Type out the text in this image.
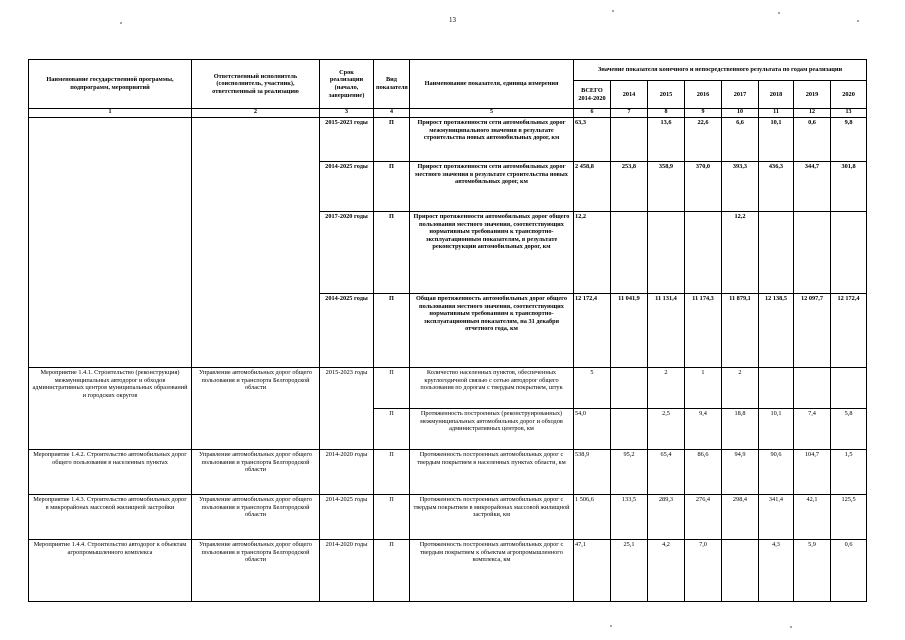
13
Наименование государственной программы, подпрограмм, мероприятий	Ответственный исполнитель (соисполнитель, участник), ответственный за реализацию	Срок реализации (начало, завершение)	Вид показателя	Наименование показателя, единица измерения	Значение показателя конечного и непосредственного результата по годам реализации							
					ВСЕГО 2014-2020	2014	2015	2016	2017	2018	2019	2020
1	2	3	4	5	6	7	8	9	10	11	12	13
		2015-2023 годы	П	Прирост протяженности сети автомобильных дорог межмуниципального значения в результате строительства новых автомобильных дорог, км	63,3		13,6	22,6	6,6	10,1	0,6	9,8
		2014-2025 годы	П	Прирост протяженности сети автомобильных дорог местного значения в результате строительства новых автомобильных дорог, км	2 458,8	253,8	358,9	370,0	393,3	436,3	344,7	301,8
		2017-2020 годы	П	Прирост протяженности автомобильных дорог общего пользования местного значения, соответствующих нормативным требованиям к транспортно-эксплуатационным показателям, в результате реконструкции автомобильных дорог, км	12,2				12,2			
		2014-2025 годы	П	Общая протяженность автомобильных дорог общего пользования местного значения, соответствующих нормативным требованиям к транспортно-эксплуатационным показателям, на 31 декабря отчетного года, км	12 172,4	11 041,9	11 131,4	11 174,3	11 879,1	12 138,5	12 097,7	12 172,4
Мероприятие 1.4.1. Строительство (реконструкция) межмуниципальных автодорог и обходов административных центров муниципальных образований и городских округов	Управление автомобильных дорог общего пользования и транспорта Белгородской области	2015-2023 годы	П	Количество населенных пунктов, обеспеченных круглогодичной связью с сетью автодорог общего пользования по дорогам с твердым покрытием, штук	5		2	1	2			
			П	Протяженность построенных (реконструированных) межмуниципальных автомобильных дорог и обходов административных центров, км	54,0		2,5	9,4	18,8	10,1	7,4	5,8
Мероприятие 1.4.2. Строительство автомобильных дорог общего пользования в населенных пунктах	Управление автомобильных дорог общего пользования и транспорта Белгородской области	2014-2020 годы	П	Протяженность построенных автомобильных дорог с твердым покрытием в населенных пунктах области, км	538,9	95,2	65,4	86,6	94,9	90,6	104,7	1,5
Мероприятие 1.4.3. Строительство автомобильных дорог в микрорайонах массовой жилищной застройки	Управление автомобильных дорог общего пользования и транспорта Белгородской области	2014-2025 годы	П	Протяженность построенных автомобильных дорог с твердым покрытием в микрорайонах массовой жилищной застройки, км	1 506,6	133,5	289,3	276,4	298,4	341,4	42,1	125,5
Мероприятие 1.4.4. Строительство автодорог к объектам агропромышленного комплекса	Управление автомобильных дорог общего пользования и транспорта Белгородской области	2014-2020 годы	П	Протяженность построенных автомобильных дорог с твердым покрытием к объектам агропромышленного комплекса, км	47,1	25,1	4,2	7,0		4,3	5,9	0,6
